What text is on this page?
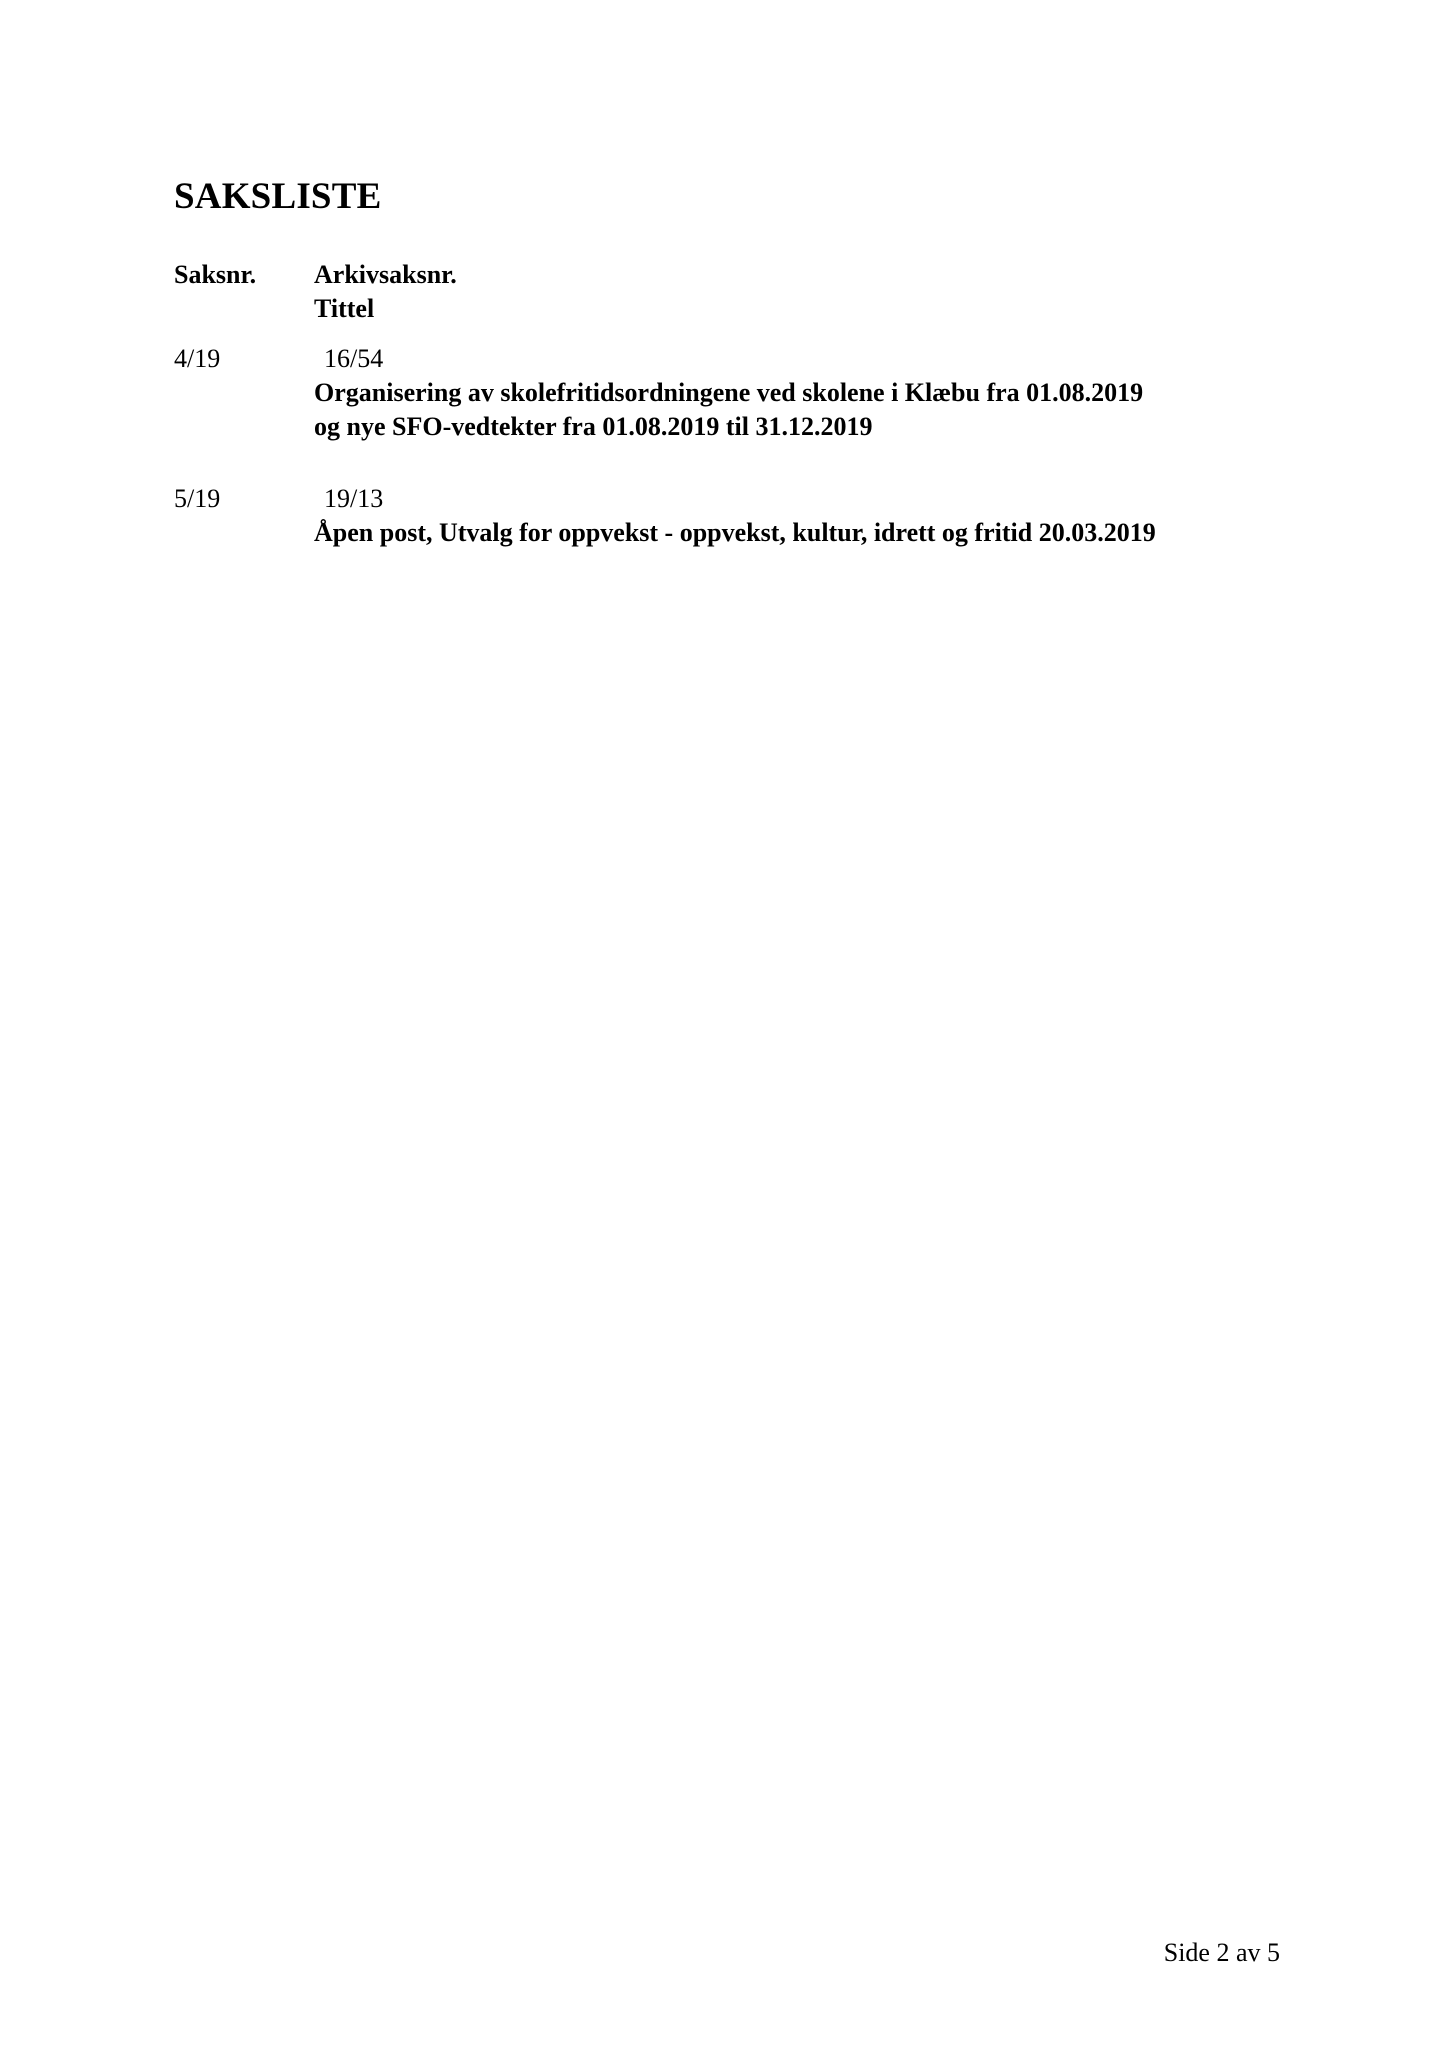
SAKSLISTE
Saksnr. Arkivsaksnr.
Tittel
4/19	16/54
Organisering av skolefritidsordningene ved skolene i Klæbu fra 01.08.2019
og nye SFO-vedtekter fra 01.08.2019 til 31.12.2019
5/19	19/13
Åpen post, Utvalg for oppvekst - oppvekst, kultur, idrett og fritid 20.03.2019
Side 2 av 5
